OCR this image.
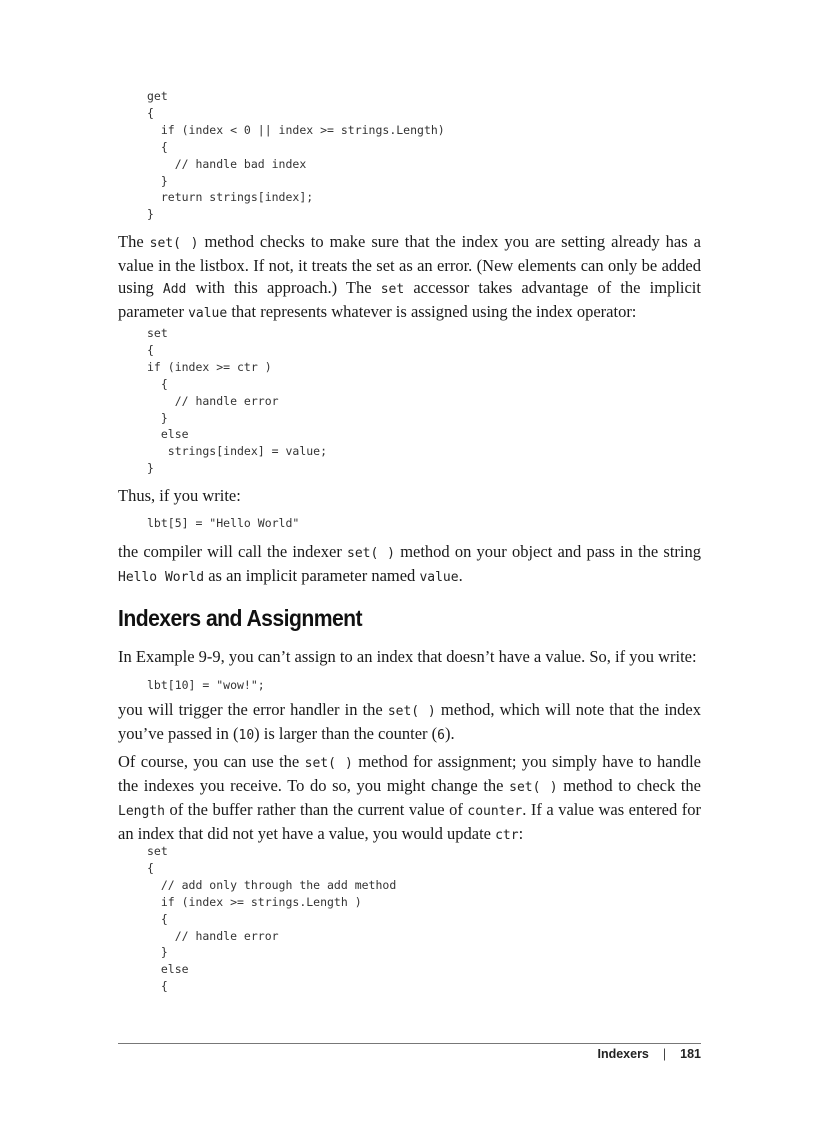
get
{
if (index < 0 || index >= strings.Length)
{
// handle bad index
}
return strings[index];
}

The set( ) method checks to make sure that the index you are setting already has a value in the listbox. If not, it treats the set as an error. (New elements can only be added using Add with this approach.) The set accessor takes advantage of the implicit parameter value that represents whatever is assigned using the index operator:

set
{
if (index >= ctr )
{
// handle error
}
else
strings[index] = value;
}

Thus, if you write:

lbt[5] = "Hello World"

the compiler will call the indexer set( ) method on your object and pass in the string Hello World as an implicit parameter named value.

Indexers and Assignment

In Example 9-9, you can’t assign to an index that doesn’t have a value. So, if you write:

lbt[10] = "wow!";

you will trigger the error handler in the set( ) method, which will note that the index you’ve passed in (10) is larger than the counter (6).

Of course, you can use the set( ) method for assignment; you simply have to handle the indexes you receive. To do so, you might change the set( ) method to check the Length of the buffer rather than the current value of counter. If a value was entered for an index that did not yet have a value, you would update ctr:

set
{
// add only through the add method
if (index >= strings.Length )
{
// handle error
}
else
{
Indexers | 181
